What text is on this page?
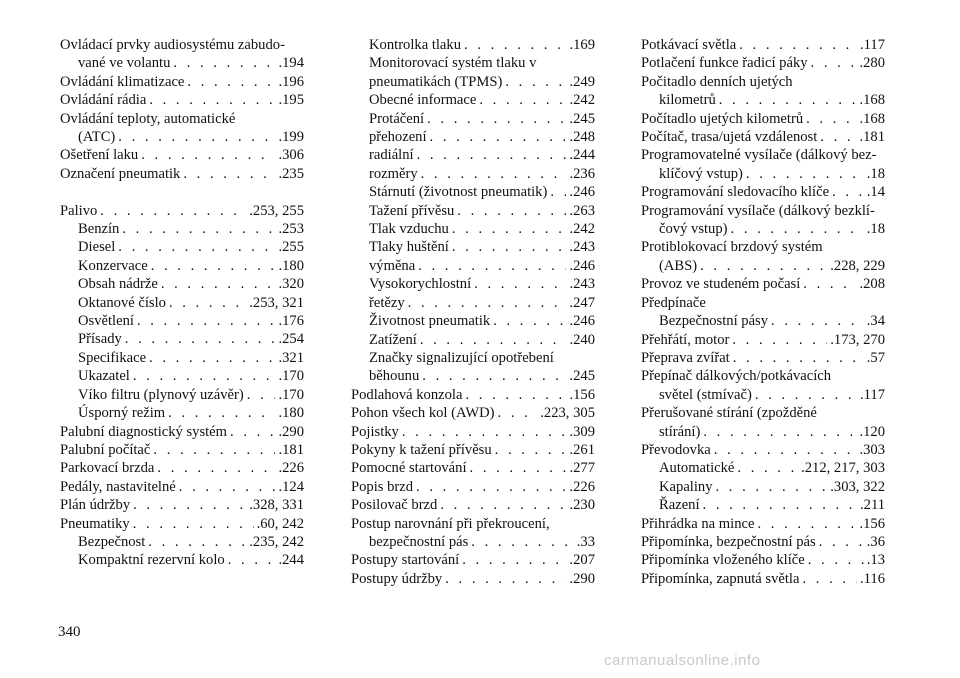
Ovládací prvky audiosystému zabudo-
vané ve volantu . . .	.194
Ovládání klimatizace . . .	.196
Ovládání rádia . . .	.195
Ovládání teploty, automatické
(ATC) . . .	.199
Ošetření laku . . .	.306
Označení pneumatik . . .	.235
Palivo . . .	.253, 255
Benzín . . .	.253
Diesel . . .	.255
Konzervace . . .	.180
Obsah nádrže . . .	.320
Oktanové číslo . . .	.253, 321
Osvětlení . . .	.176
Přísady . . .	.254
Specifikace . . .	.321
Ukazatel . . .	.170
Víko filtru (plynový uzávěr) . . . .170
Úsporný režim . . .	.180
Palubní diagnostický systém . . .	.290
Palubní počítač . . .	.181
Parkovací brzda . . .	.226
Pedály, nastavitelné . . .	.124
Plán údržby . . .	.328, 331
Pneumatiky . . .	.60, 242
Bezpečnost . . .	.235, 242
Kompaktní rezervní kolo . . .	.244
Kontrolka tlaku . . .	.169
Monitorovací systém tlaku v
pneumatikách (TPMS) . . .	.249
Obecné informace . . .	.242
Protáčení . . .	.245
přehození . . .	.248
radiální . . .	.244
rozměry . . .	.236
Stárnutí (životnost pneumatik) . . . .246
Tažení přívěsu . . .	.263
Tlak vzduchu . . .	.242
Tlaky huštění . . .	.243
výměna . . .	.246
Vysokorychlostní . . .	.243
řetězy . . .	.247
Životnost pneumatik . . .	.246
Zatížení . . .	.240
Značky signalizující opotřebení
běhounu . . .	.245
Podlahová konzola . . .	.156
Pohon všech kol (AWD) . . .	.223, 305
Pojistky . . .	.309
Pokyny k tažení přívěsu . . .	.261
Pomocné startování . . .	.277
Popis brzd . . .	.226
Posilovač brzd . . .	.230
Postup narovnání při překroucení,
bezpečnostní pás . . .	.33
Postupy startování . . .	.207
Postupy údržby . . .	.290
Potkávací světla . . .	.117
Potlačení funkce řadicí páky . . .	.280
Počitadlo denních ujetých
kilometrů . . .	.168
Počítadlo ujetých kilometrů . . .	.168
Počítač, trasa/ujetá vzdálenost . . .	.181
Programovatelné vysílače (dálkový bez-
klíčový vstup) . . .	.18
Programování sledovacího klíče . . .	.14
Programování vysílače (dálkový bezklí-
čový vstup) . . .	.18
Protiblokovací brzdový systém
(ABS) . . .	.228, 229
Provoz ve studeném počasí . . .	.208
Předpínače
Bezpečnostní pásy . . .	.34
Přehřátí, motor . . .	.173, 270
Přeprava zvířat . . .	.57
Přepínač dálkových/potkávacích
světel (stmívač) . . .	.117
Přerušované stírání (zpožděné
stírání) . . .	.120
Převodovka . . .	.303
Automatické . . .	.212, 217, 303
Kapaliny . . .	.303, 322
Řazení . . .	.211
Přihrádka na mince . . .	.156
Připomínka, bezpečnostní pás . . .	.36
Připomínka vloženého klíče . . .	.13
Připomínka, zapnutá světla . . .	.116
340
carmanualsonline.info
